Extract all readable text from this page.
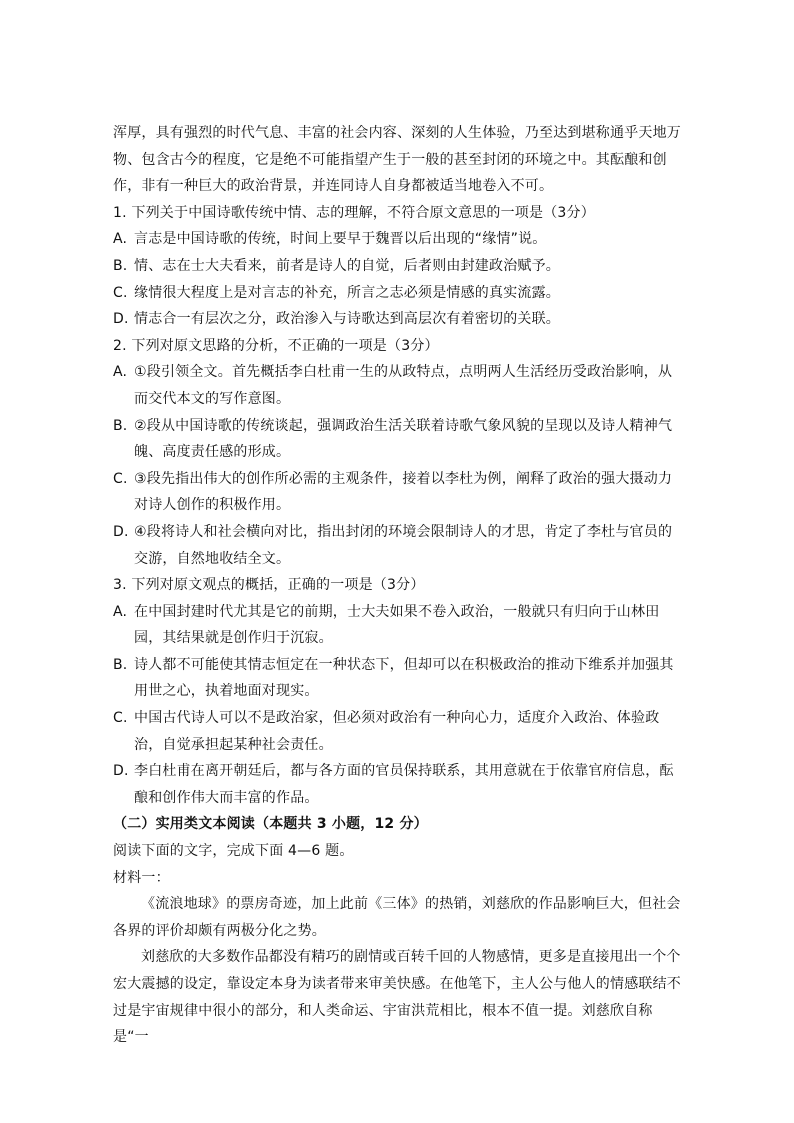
浑厚，具有强烈的时代气息、丰富的社会内容、深刻的人生体验，乃至达到堪称通乎天地万物、包含古今的程度，它是绝不可能指望产生于一般的甚至封闭的环境之中。其酝酿和创作，非有一种巨大的政治背景，并连同诗人自身都被适当地卷入不可。

1. 下列关于中国诗歌传统中情、志的理解，不符合原文意思的一项是（3分）

A. 言志是中国诗歌的传统，时间上要早于魏晋以后出现的“缘情”说。

B. 情、志在士大夫看来，前者是诗人的自觉，后者则由封建政治赋予。

C. 缘情很大程度上是对言志的补充，所言之志必须是情感的真实流露。

D. 情志合一有层次之分，政治渗入与诗歌达到高层次有着密切的关联。

2. 下列对原文思路的分析，不正确的一项是（3分）

A. ①段引领全文。首先概括李白杜甫一生的从政特点，点明两人生活经历受政治影响，从而交代本文的写作意图。

B. ②段从中国诗歌的传统谈起，强调政治生活关联着诗歌气象风貌的呈现以及诗人精神气魄、高度责任感的形成。

C. ③段先指出伟大的创作所必需的主观条件，接着以李杜为例，阐释了政治的强大摄动力对诗人创作的积极作用。

D. ④段将诗人和社会横向对比，指出封闭的环境会限制诗人的才思，肯定了李杜与官员的交游，自然地收结全文。

3. 下列对原文观点的概括，正确的一项是（3分）

A. 在中国封建时代尤其是它的前期，士大夫如果不卷入政治，一般就只有归向于山林田园，其结果就是创作归于沉寂。

B. 诗人都不可能使其情志恒定在一种状态下，但却可以在积极政治的推动下维系并加强其用世之心，执着地面对现实。

C. 中国古代诗人可以不是政治家，但必须对政治有一种向心力，适度介入政治、体验政治，自觉承担起某种社会责任。

D. 李白杜甫在离开朝廷后，都与各方面的官员保持联系，其用意就在于依靠官府信息，酝酿和创作伟大而丰富的作品。

（二）实用类文本阅读（本题共 3 小题，12 分）

阅读下面的文字，完成下面 4—6 题。

材料一：

《流浪地球》的票房奇迹，加上此前《三体》的热销，刘慈欣的作品影响巨大，但社会各界的评价却颇有两极分化之势。

刘慈欣的大多数作品都没有精巧的剧情或百转千回的人物感情，更多是直接甩出一个个宏大震撼的设定，靠设定本身为读者带来审美快感。在他笔下，主人公与他人的情感联结不过是宇宙规律中很小的部分，和人类命运、宇宙洪荒相比，根本不值一提。刘慈欣自称是“一
